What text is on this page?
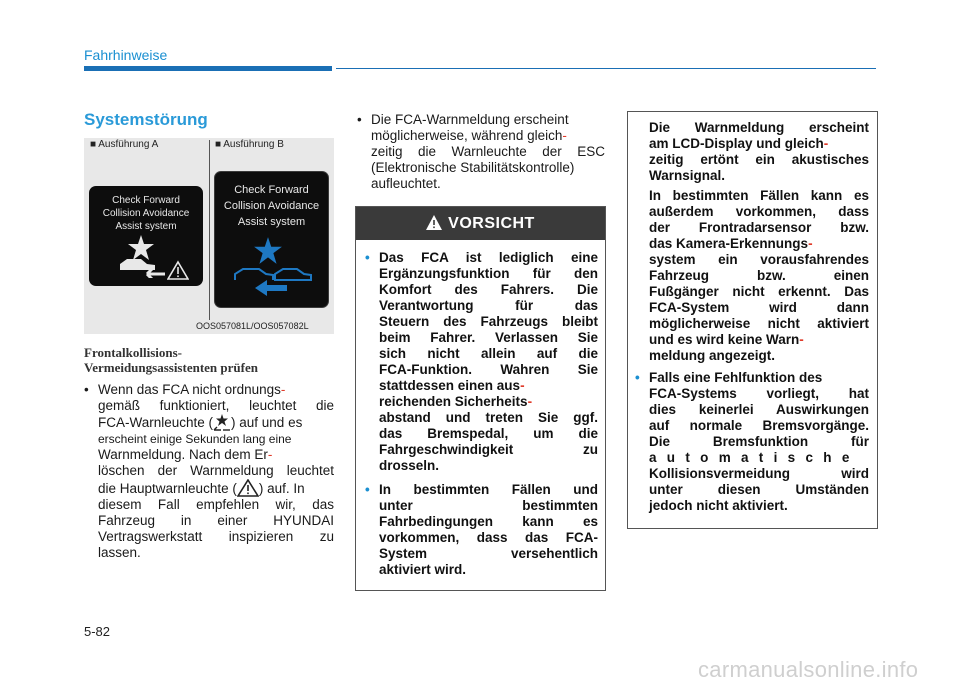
Fahrhinweise
Systemstörung
■ Ausführung A	■ Ausführung B
Check Forward
Collision Avoidance
Assist system
Check Forward
Collision Avoidance
Assist system
OOS057081L/OOS057082L
Frontalkollisions-
Vermeidungsassistenten prüfen
• Wenn das FCA nicht ordnungs-
gemäß funktioniert, leuchtet die
FCA-Warnleuchte ( ) auf und es
erscheint einige Sekunden lang eine
Warnmeldung. Nach dem Er-
löschen der Warnmeldung leuchtet
die Hauptwarnleuchte ( ) auf. In
diesem Fall empfehlen wir, das
Fahrzeug in einer HYUNDAI
Vertragswerkstatt inspizieren zu
lassen.
• Die FCA-Warnmeldung erscheint
möglicherweise, während gleich-
zeitig die Warnleuchte der ESC
(Elektronische Stabilitätskontrolle)
aufleuchtet.
VORSICHT
• Das FCA ist lediglich eine
Ergänzungsfunktion für den
Komfort des Fahrers. Die
Verantwortung für das
Steuern des Fahrzeugs bleibt
beim Fahrer. Verlassen Sie
sich nicht allein auf die
FCA-Funktion. Wahren Sie
stattdessen einen aus-
reichenden Sicherheits-
abstand und treten Sie ggf.
das Bremspedal, um die
Fahrgeschwindigkeit zu
drosseln.
• In bestimmten Fällen und
unter bestimmten
Fahrbedingungen kann es
vorkommen, dass das FCA-
System versehentlich
aktiviert wird.
Die Warnmeldung erscheint
am LCD-Display und gleich-
zeitig ertönt ein akustisches
Warnsignal.
In bestimmten Fällen kann es
außerdem vorkommen, dass
der Frontradarsensor bzw.
das Kamera-Erkennungs-
system ein vorausfahrendes
Fahrzeug bzw. einen
Fußgänger nicht erkennt. Das
FCA-System wird dann
möglicherweise nicht aktiviert
und es wird keine Warn-
meldung angezeigt.
• Falls eine Fehlfunktion des
FCA-Systems vorliegt, hat
dies keinerlei Auswirkungen
auf normale Bremsvorgänge.
Die Bremsfunktion für
automatische
Kollisionsvermeidung wird
unter diesen Umständen
jedoch nicht aktiviert.
5-82
carmanualsonline.info
